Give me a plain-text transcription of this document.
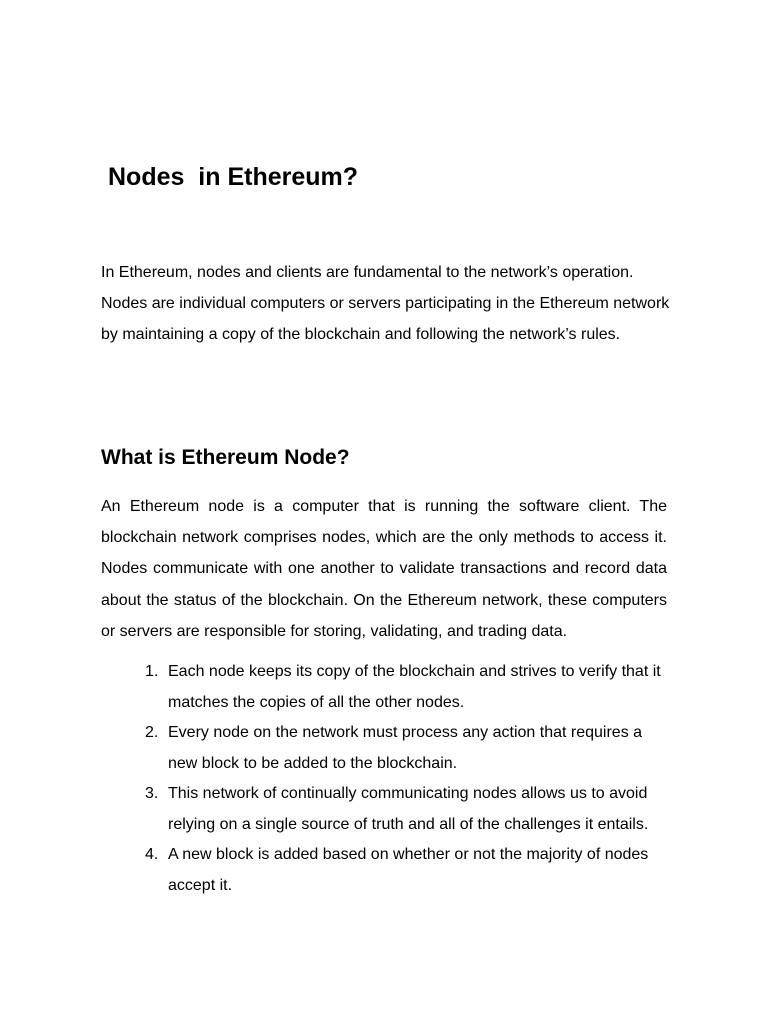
Nodes  in Ethereum?

In Ethereum, nodes and clients are fundamental to the network’s operation. Nodes are individual computers or servers participating in the Ethereum network by maintaining a copy of the blockchain and following the network’s rules.

What is Ethereum Node?

An Ethereum node is a computer that is running the software client. The blockchain network comprises nodes, which are the only methods to access it. Nodes communicate with one another to validate transactions and record data about the status of the blockchain. On the Ethereum network, these computers or servers are responsible for storing, validating, and trading data.

1. Each node keeps its copy of the blockchain and strives to verify that it matches the copies of all the other nodes.
2. Every node on the network must process any action that requires a new block to be added to the blockchain.
3. This network of continually communicating nodes allows us to avoid relying on a single source of truth and all of the challenges it entails.
4. A new block is added based on whether or not the majority of nodes accept it.
